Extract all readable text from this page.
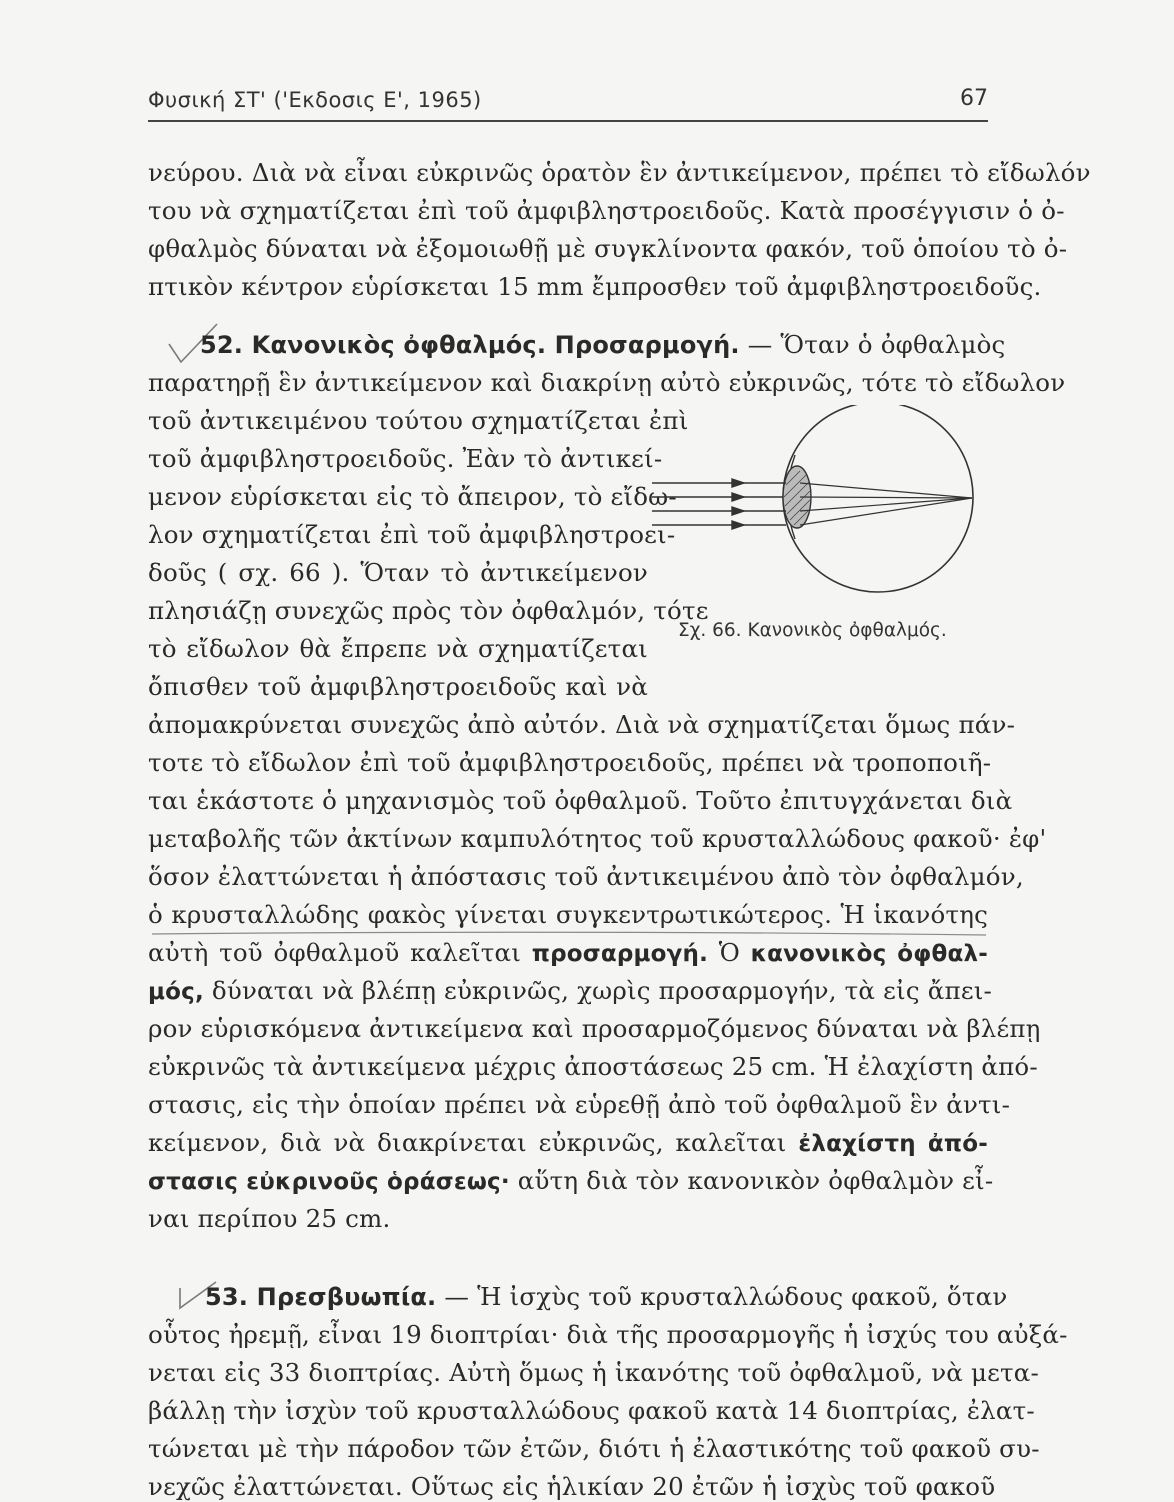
Φυσική ΣΤ' ('Εκδοσις Ε', 1965)	67
νεύρου. Διὰ νὰ εἶναι εὐκρινῶς ὁρατὸν ἓν ἀντικείμενον, πρέπει τὸ εἴδωλόν
του νὰ σχηματίζεται ἐπὶ τοῦ ἀμφιβληστροειδοῦς. Κατὰ προσέγγισιν ὁ ὀ-
φθαλμὸς δύναται νὰ ἐξομοιωθῇ μὲ συγκλίνοντα φακόν, τοῦ ὁποίου τὸ ὀ-
πτικὸν κέντρον εὑρίσκεται 15 mm ἔμπροσθεν τοῦ ἀμφιβληστροειδοῦς.
52. Κανονικὸς ὀφθαλμός. Προσαρμογή. — Ὅταν ὁ ὀφθαλμὸς
παρατηρῇ ἓν ἀντικείμενον καὶ διακρίνῃ αὐτὸ εὐκρινῶς, τότε τὸ εἴδωλον
τοῦ ἀντικειμένου τούτου σχηματίζεται ἐπὶ
τοῦ ἀμφιβληστροειδοῦς. Ἐὰν τὸ ἀντικεί-
μενον εὑρίσκεται εἰς τὸ ἄπειρον, τὸ εἴδω-
λον σχηματίζεται ἐπὶ τοῦ ἀμφιβληστροει-
δοῦς ( σχ. 66 ). Ὅταν τὸ ἀντικείμενον
πλησιάζῃ συνεχῶς πρὸς τὸν ὀφθαλμόν, τότε
τὸ εἴδωλον θὰ ἔπρεπε νὰ σχηματίζεται
ὄπισθεν τοῦ ἀμφιβληστροειδοῦς καὶ νὰ
Σχ. 66. Κανονικὸς ὀφθαλμός.
ἀπομακρύνεται συνεχῶς ἀπὸ αὐτόν. Διὰ νὰ σχηματίζεται ὅμως πάν-
τοτε τὸ εἴδωλον ἐπὶ τοῦ ἀμφιβληστροειδοῦς, πρέπει νὰ τροποποιῆ-
ται ἑκάστοτε ὁ μηχανισμὸς τοῦ ὀφθαλμοῦ. Τοῦτο ἐπιτυγχάνεται διὰ
μεταβολῆς τῶν ἀκτίνων καμπυλότητος τοῦ κρυσταλλώδους φακοῦ· ἐφ'
ὅσον ἐλαττώνεται ἡ ἀπόστασις τοῦ ἀντικειμένου ἀπὸ τὸν ὀφθαλμόν,
ὁ κρυσταλλώδης φακὸς γίνεται συγκεντρωτικώτερος. Ἡ ἱκανότης
αὐτὴ τοῦ ὀφθαλμοῦ καλεῖται προσαρμογή. Ὁ κανονικὸς ὀφθαλ-
μός, δύναται νὰ βλέπῃ εὐκρινῶς, χωρὶς προσαρμογήν, τὰ εἰς ἄπει-
ρον εὑρισκόμενα ἀντικείμενα καὶ προσαρμοζόμενος δύναται νὰ βλέπῃ
εὐκρινῶς τὰ ἀντικείμενα μέχρις ἀποστάσεως 25 cm. Ἡ ἐλαχίστη ἀπό-
στασις, εἰς τὴν ὁποίαν πρέπει νὰ εὑρεθῇ ἀπὸ τοῦ ὀφθαλμοῦ ἓν ἀντι-
κείμενον, διὰ νὰ διακρίνεται εὐκρινῶς, καλεῖται ἐλαχίστη ἀπό-
στασις εὐκρινοῦς ὁράσεως· αὕτη διὰ τὸν κανονικὸν ὀφθαλμὸν εἶ-
ναι περίπου 25 cm.
53. Πρεσβυωπία. — Ἡ ἰσχὺς τοῦ κρυσταλλώδους φακοῦ, ὅταν
οὗτος ἠρεμῇ, εἶναι 19 διοπτρίαι· διὰ τῆς προσαρμογῆς ἡ ἰσχύς του αὐξά-
νεται εἰς 33 διοπτρίας. Αὐτὴ ὅμως ἡ ἱκανότης τοῦ ὀφθαλμοῦ, νὰ μετα-
βάλλῃ τὴν ἰσχὺν τοῦ κρυσταλλώδους φακοῦ κατὰ 14 διοπτρίας, ἐλατ-
τώνεται μὲ τὴν πάροδον τῶν ἐτῶν, διότι ἡ ἐλαστικότης τοῦ φακοῦ συ-
νεχῶς ἐλαττώνεται. Οὕτως εἰς ἡλικίαν 20 ἐτῶν ἡ ἰσχὺς τοῦ φακοῦ
